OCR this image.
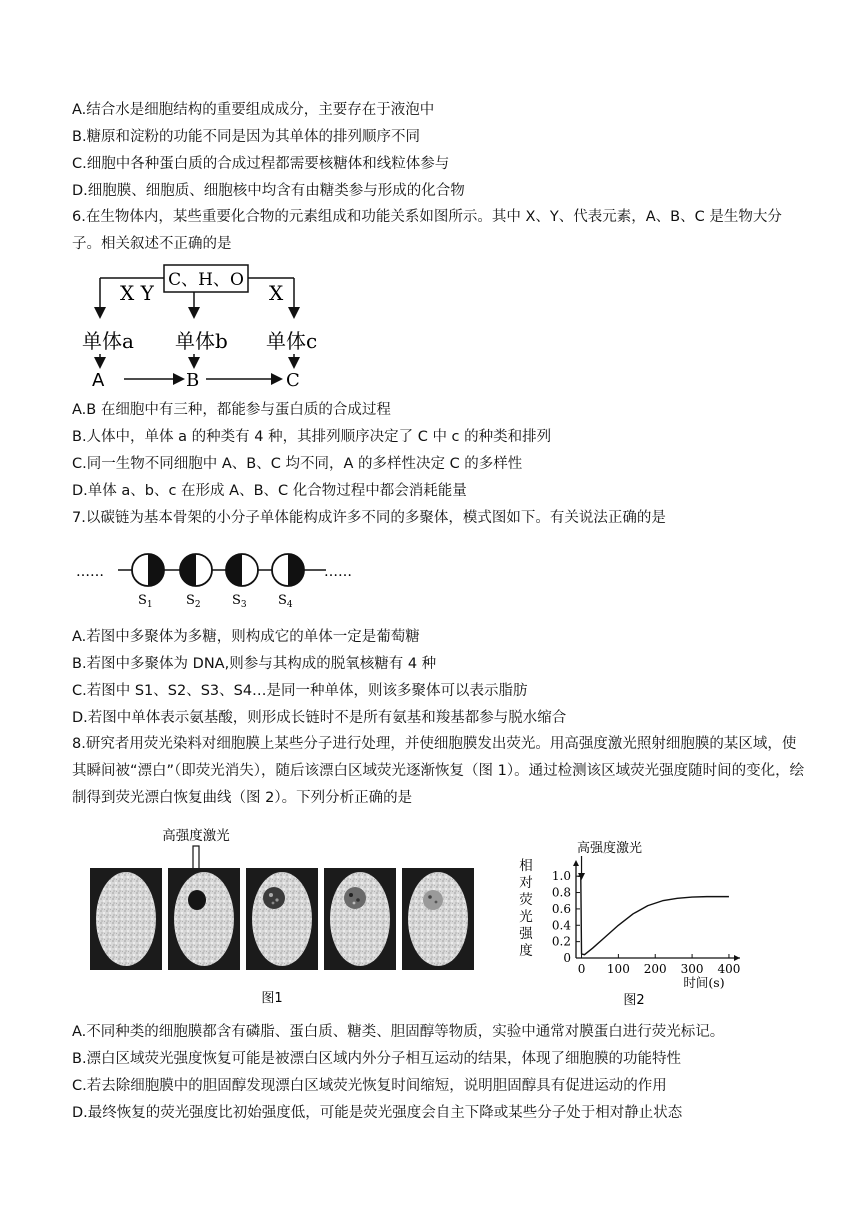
A.结合水是细胞结构的重要组成成分，主要存在于液泡中
B.糖原和淀粉的功能不同是因为其单体的排列顺序不同
C.细胞中各种蛋白质的合成过程都需要核糖体和线粒体参与
D.细胞膜、细胞质、细胞核中均含有由糖类参与形成的化合物
6.在生物体内，某些重要化合物的元素组成和功能关系如图所示。其中 X、Y、代表元素，A、B、C 是生物大分子。相关叙述不正确的是
C、H、O
X Y	X
单体a 单体b 单体c
A	B	C
A.B 在细胞中有三种，都能参与蛋白质的合成过程
B.人体中，单体 a 的种类有 4 种，其排列顺序决定了 C 中 c 的种类和排列
C.同一生物不同细胞中 A、B、C 均不同，A 的多样性决定 C 的多样性
D.单体 a、b、c 在形成 A、B、C 化合物过程中都会消耗能量
7.以碳链为基本骨架的小分子单体能构成许多不同的多聚体，模式图如下。有关说法正确的是
……	……
$S_1$	$S_2$ $S_3$ $S_4$
A.若图中多聚体为多糖，则构成它的单体一定是葡萄糖
B.若图中多聚体为 DNA,则参与其构成的脱氧核糖有 4 种
C.若图中 S1、S2、S3、S4…是同一种单体，则该多聚体可以表示脂肪
D.若图中单体表示氨基酸，则形成长链时不是所有氨基和羧基都参与脱水缩合
8.研究者用荧光染料对细胞膜上某些分子进行处理，并使细胞膜发出荧光。用高强度激光照射细胞膜的某区域，使其瞬间被“漂白”（即荧光消失），随后该漂白区域荧光逐渐恢复（图 1）。通过检测该区域荧光强度随时间的变化，绘制得到荧光漂白恢复曲线（图 2）。下列分析正确的是
高强度激光
图1
0
0.2
0.4
0.6
0.8
1.0
0 100 200 300 400
相
对
荧
光
强
度
时间(s)
高强度激光
图2
A.不同种类的细胞膜都含有磷脂、蛋白质、糖类、胆固醇等物质，实验中通常对膜蛋白进行荧光标记。
B.漂白区域荧光强度恢复可能是被漂白区域内外分子相互运动的结果，体现了细胞膜的功能特性
C.若去除细胞膜中的胆固醇发现漂白区域荧光恢复时间缩短，说明胆固醇具有促进运动的作用
D.最终恢复的荧光强度比初始强度低，可能是荧光强度会自主下降或某些分子处于相对静止状态
